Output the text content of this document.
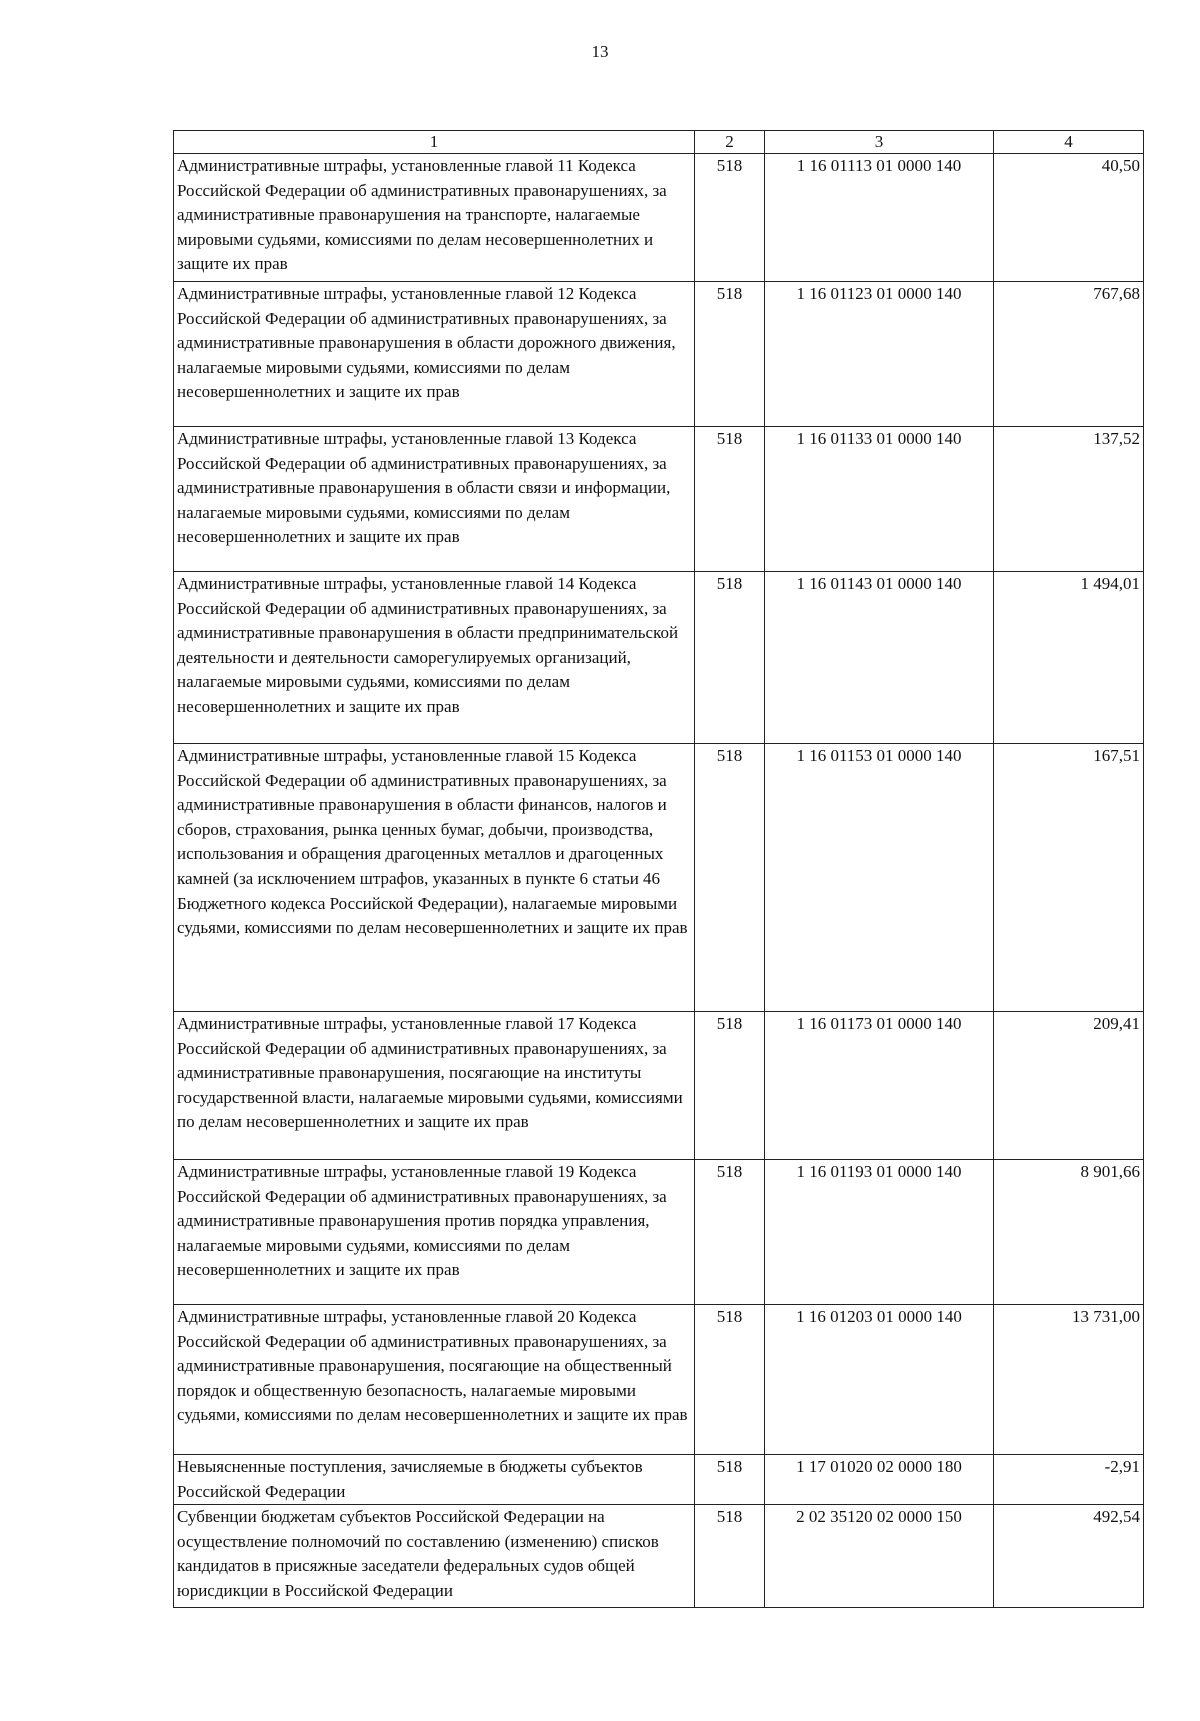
13
1	2	3	4
Административные штрафы, установленные главой 11 Кодекса Российской Федерации об административных правонарушениях, за административные правонарушения на транспорте, налагаемые мировыми судьями, комиссиями по делам несовершеннолетних и защите их прав	518	1 16 01113 01 0000 140	40,50
Административные штрафы, установленные главой 12 Кодекса Российской Федерации об административных правонарушениях, за административные правонарушения в области дорожного движения, налагаемые мировыми судьями, комиссиями по делам несовершеннолетних и защите их прав	518	1 16 01123 01 0000 140	767,68
Административные штрафы, установленные главой 13 Кодекса Российской Федерации об административных правонарушениях, за административные правонарушения в области связи и информации, налагаемые мировыми судьями, комиссиями по делам несовершеннолетних и защите их прав	518	1 16 01133 01 0000 140	137,52
Административные штрафы, установленные главой 14 Кодекса Российской Федерации об административных правонарушениях, за административные правонарушения в области предпринимательской деятельности и деятельности саморегулируемых организаций, налагаемые мировыми судьями, комиссиями по делам несовершеннолетних и защите их прав	518	1 16 01143 01 0000 140	1 494,01
Административные штрафы, установленные главой 15 Кодекса Российской Федерации об административных правонарушениях, за административные правонарушения в области финансов, налогов и сборов, страхования, рынка ценных бумаг, добычи, производства, использования и обращения драгоценных металлов и драгоценных камней (за исключением штрафов, указанных в пункте 6 статьи 46 Бюджетного кодекса Российской Федерации), налагаемые мировыми судьями, комиссиями по делам несовершеннолетних и защите их прав	518	1 16 01153 01 0000 140	167,51
Административные штрафы, установленные главой 17 Кодекса Российской Федерации об административных правонарушениях, за административные правонарушения, посягающие на институты государственной власти, налагаемые мировыми судьями, комиссиями по делам несовершеннолетних и защите их прав	518	1 16 01173 01 0000 140	209,41
Административные штрафы, установленные главой 19 Кодекса Российской Федерации об административных правонарушениях, за административные правонарушения против порядка управления, налагаемые мировыми судьями, комиссиями по делам несовершеннолетних и защите их прав	518	1 16 01193 01 0000 140	8 901,66
Административные штрафы, установленные главой 20 Кодекса Российской Федерации об административных правонарушениях, за административные правонарушения, посягающие на общественный порядок и общественную безопасность, налагаемые мировыми судьями, комиссиями по делам несовершеннолетних и защите их прав	518	1 16 01203 01 0000 140	13 731,00
Невыясненные поступления, зачисляемые в бюджеты субъектов Российской Федерации	518	1 17 01020 02 0000 180	-2,91
Субвенции бюджетам субъектов Российской Федерации на осуществление полномочий по составлению (изменению) списков кандидатов в присяжные заседатели федеральных судов общей юрисдикции в Российской Федерации	518	2 02 35120 02 0000 150	492,54
